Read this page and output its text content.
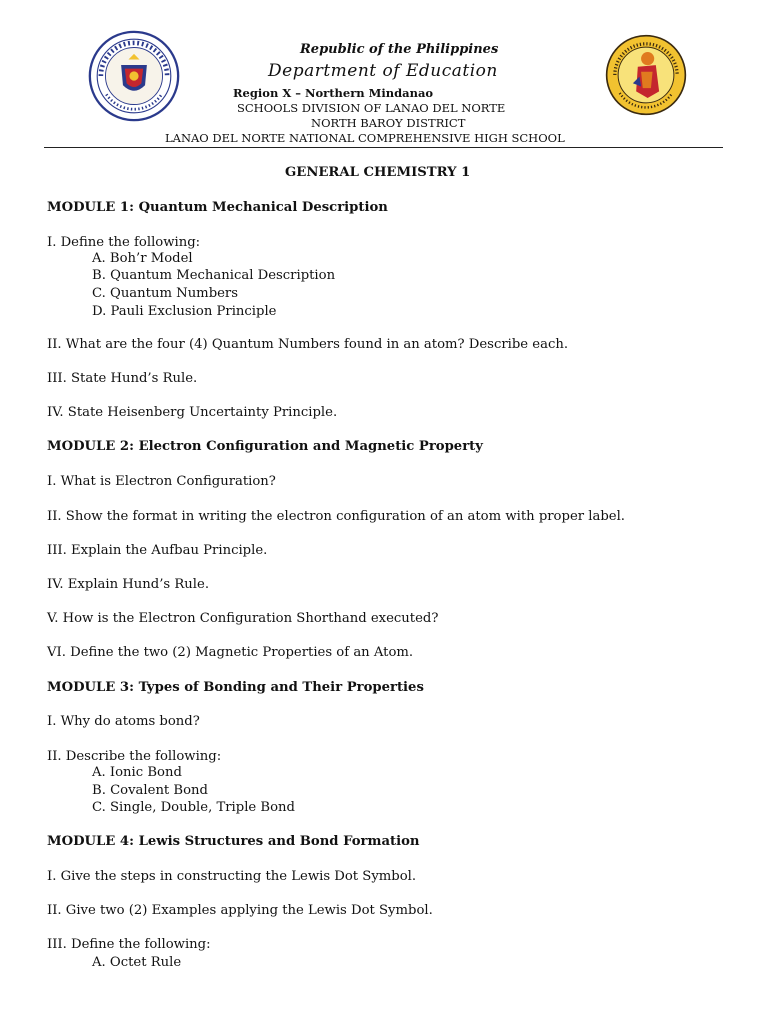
Republic of the Philippines
Department of Education
Region X – Northern Mindanao
SCHOOLS DIVISION OF LANAO DEL NORTE
NORTH BAROY DISTRICT
LANAO DEL NORTE NATIONAL COMPREHENSIVE HIGH SCHOOL
GENERAL CHEMISTRY 1
MODULE 1: Quantum Mechanical Description
I. Define the following:
A. Boh’r Model
B. Quantum Mechanical Description
C. Quantum Numbers
D. Pauli Exclusion Principle
II. What are the four (4) Quantum Numbers found in an atom? Describe each.
III. State Hund’s Rule.
IV. State Heisenberg Uncertainty Principle.
MODULE 2: Electron Configuration and Magnetic Property
I. What is Electron Configuration?
II. Show the format in writing the electron configuration of an atom with proper label.
III. Explain the Aufbau Principle.
IV. Explain Hund’s Rule.
V. How is the Electron Configuration Shorthand executed?
VI. Define the two (2) Magnetic Properties of an Atom.
MODULE 3: Types of Bonding and Their Properties
I. Why do atoms bond?
II. Describe the following:
A. Ionic Bond
B. Covalent Bond
C. Single, Double, Triple Bond
MODULE 4: Lewis Structures and Bond Formation
I. Give the steps in constructing the Lewis Dot Symbol.
II. Give two (2) Examples applying the Lewis Dot Symbol.
III. Define the following:
A. Octet Rule
